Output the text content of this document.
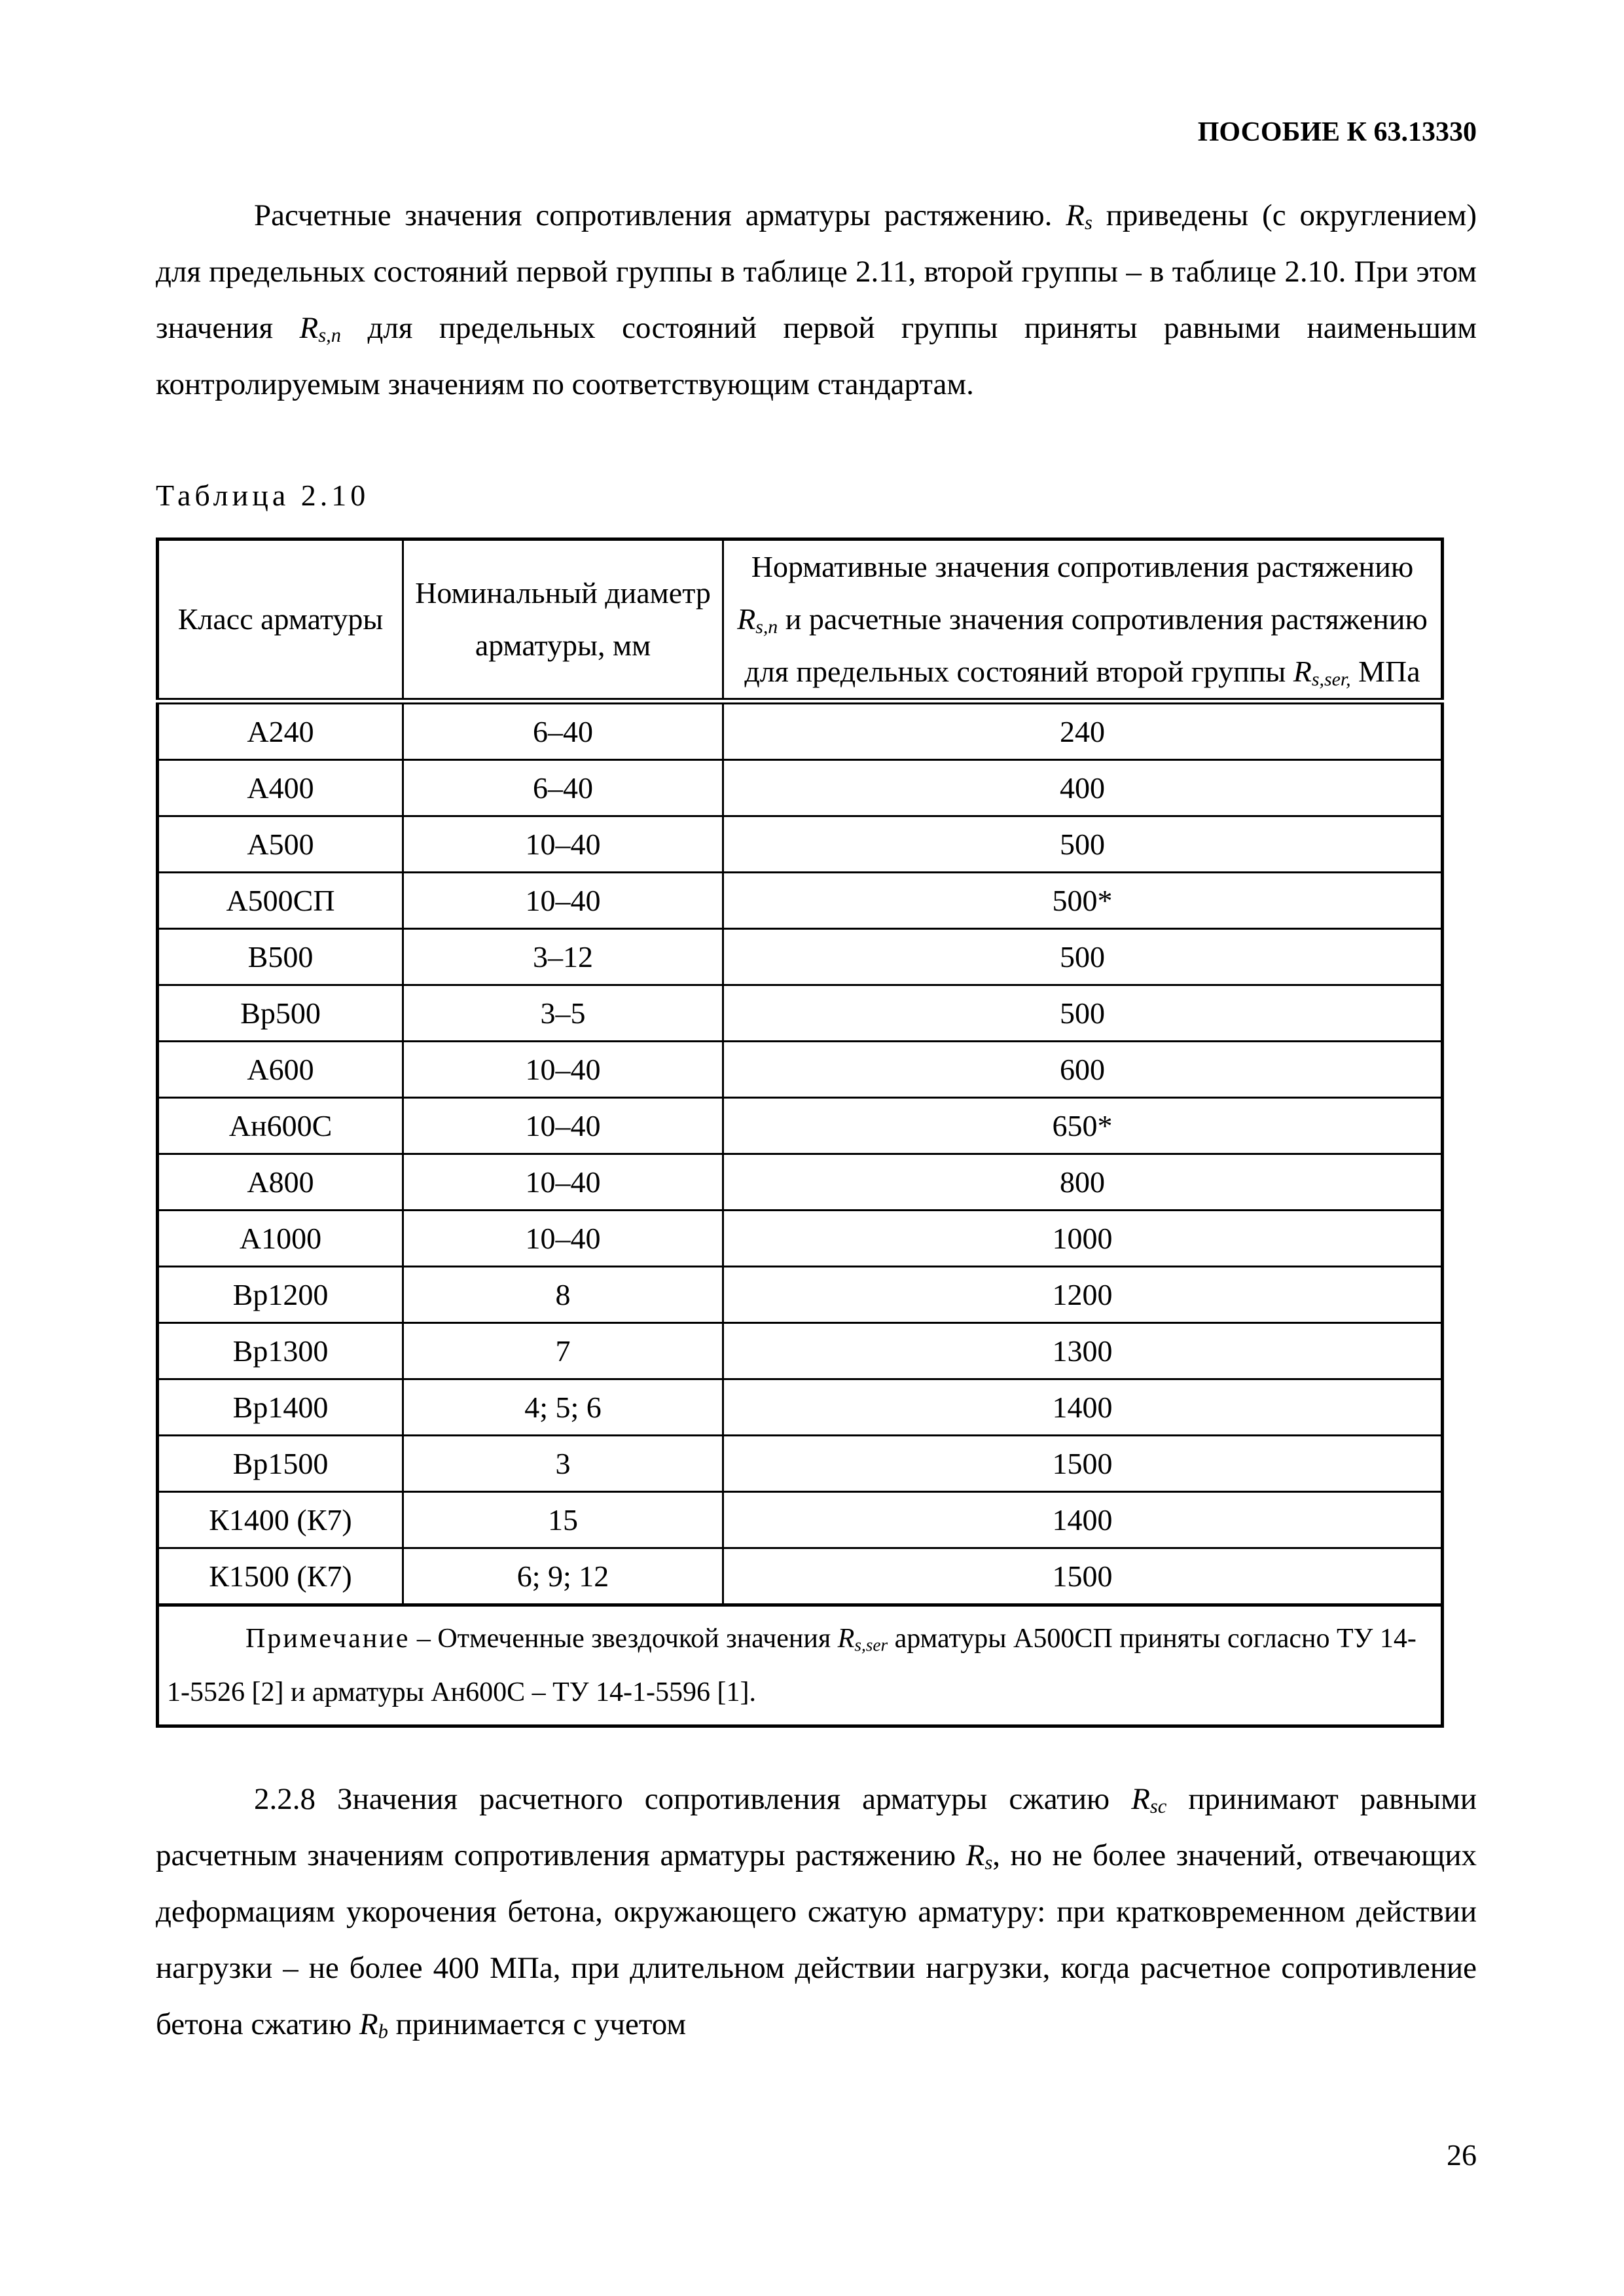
ПОСОБИЕ К 63.13330
Расчетные значения сопротивления арматуры растяжению. $R_s$ приведены (с округлением) для предельных состояний первой группы в таблице 2.11, второй группы – в таблице 2.10. При этом значения $R_{s,n}$ для предельных состояний первой группы приняты равными наименьшим контролируемым значениям по соответствующим стандартам.
Таблица 2.10
Класс арматуры	Номинальный диаметр арматуры, мм	Нормативные значения сопротивления растяжению $R_{s,n}$ и расчетные значения сопротивления растяжению для предельных состояний второй группы $R_{s,ser,}$ МПа
А240	6–40	240
А400	6–40	400
А500	10–40	500
А500СП	10–40	500*
В500	3–12	500
Вр500	3–5	500
А600	10–40	600
Ан600С	10–40	650*
А800	10–40	800
А1000	10–40	1000
Вр1200	8	1200
Вр1300	7	1300
Вр1400	4; 5; 6	1400
Вр1500	3	1500
К1400 (К7)	15	1400
К1500 (К7)	6; 9; 12	1500
Примечание – Отмеченные звездочкой значения $R_{s,ser}$ арматуры А500СП приняты согласно ТУ 14-1-5526 [2] и арматуры Ан600С – ТУ 14-1-5596 [1].		
2.2.8 Значения расчетного сопротивления арматуры сжатию $R_{sc}$ принимают равными расчетным значениям сопротивления арматуры растяжению $R_s$, но не более значений, отвечающих деформациям укорочения бетона, окружающего сжатую арматуру: при кратковременном действии нагрузки – не более 400 МПа, при длительном действии нагрузки, когда расчетное сопротивление бетона сжатию $R_b$ принимается с учетом
26
